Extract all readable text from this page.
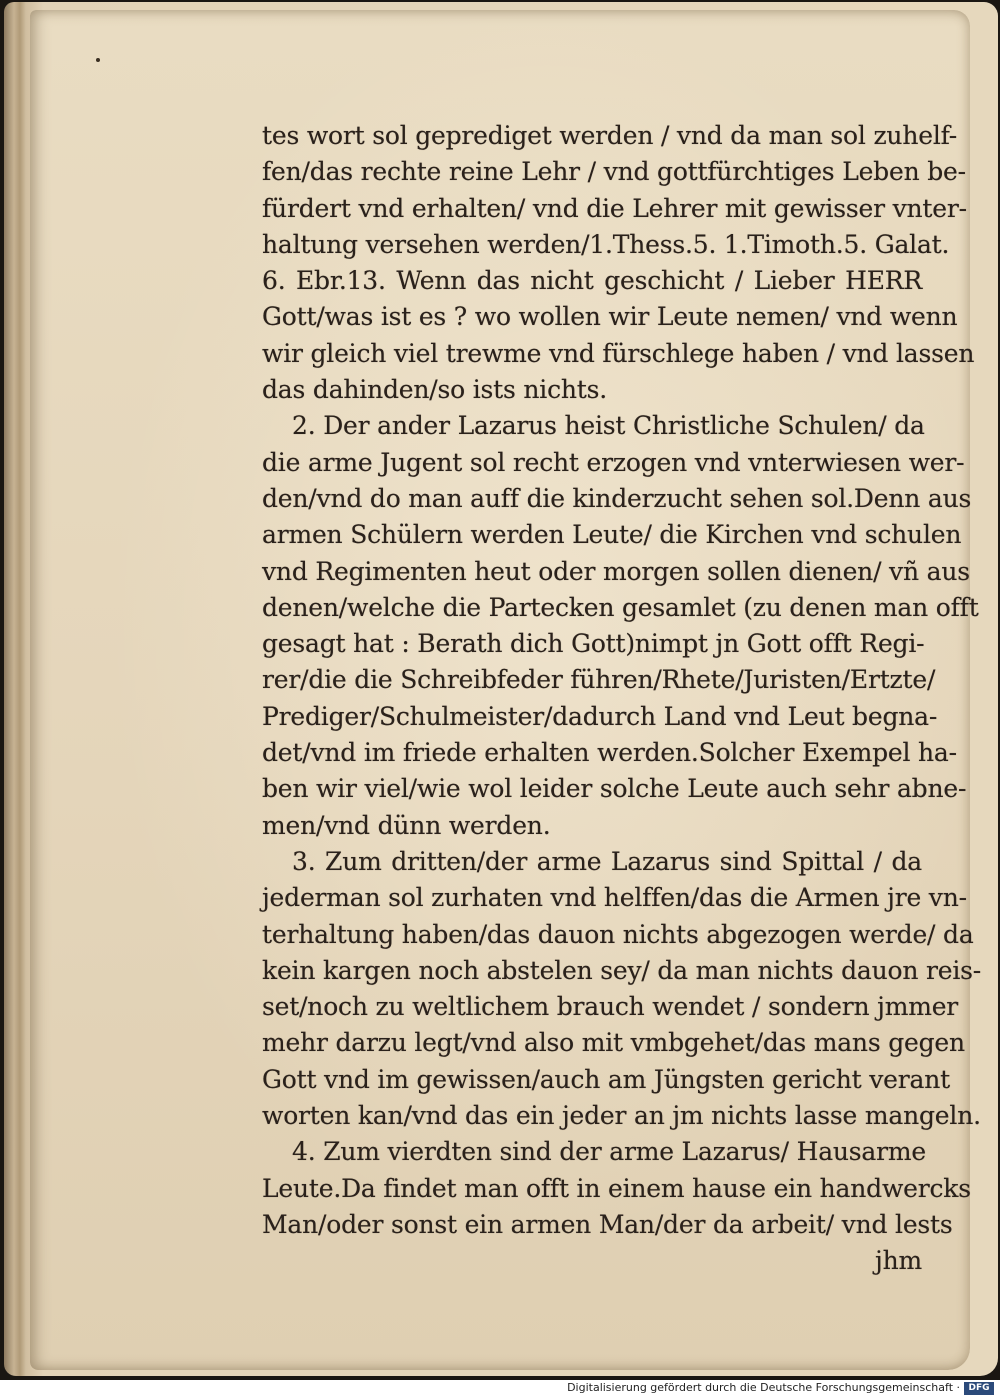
tes wort sol geprediget werden / vnd da man sol zuhelf-
fen/das rechte reine Lehr / vnd gottfürchtiges Leben be-
fürdert vnd erhalten/ vnd die Lehrer mit gewisser vnter-
haltung versehen werden/1.Thess.5. 1.Timoth.5. Galat.
6. Ebr.13. Wenn das nicht geschicht / Lieber HERR
Gott/was ist es ? wo wollen wir Leute nemen/ vnd wenn
wir gleich viel trewme vnd fürschlege haben / vnd lassen
das dahinden/so ists nichts.
2. Der ander Lazarus heist Christliche Schulen/ da
die arme Jugent sol recht erzogen vnd vnterwiesen wer-
den/vnd do man auff die kinderzucht sehen sol.Denn aus
armen Schülern werden Leute/ die Kirchen vnd schulen
vnd Regimenten heut oder morgen sollen dienen/ vñ aus
denen/welche die Partecken gesamlet (zu denen man offt
gesagt hat : Berath dich Gott)nimpt jn Gott offt Regi-
rer/die die Schreibfeder führen/Rhete/Juristen/Ertzte/
Prediger/Schulmeister/dadurch Land vnd Leut begna-
det/vnd im friede erhalten werden.Solcher Exempel ha-
ben wir viel/wie wol leider solche Leute auch sehr abne-
men/vnd dünn werden.
3. Zum dritten/der arme Lazarus sind Spittal / da
jederman sol zurhaten vnd helffen/das die Armen jre vn-
terhaltung haben/das dauon nichts abgezogen werde/ da
kein kargen noch abstelen sey/ da man nichts dauon reis-
set/noch zu weltlichem brauch wendet / sondern jmmer
mehr darzu legt/vnd also mit vmbgehet/das mans gegen
Gott vnd im gewissen/auch am Jüngsten gericht verant
worten kan/vnd das ein jeder an jm nichts lasse mangeln.
4. Zum vierdten sind der arme Lazarus/ Hausarme
Leute.Da findet man offt in einem hause ein handwercks
Man/oder sonst ein armen Man/der da arbeit/ vnd lests
jhm
Digitalisierung gefördert durch die Deutsche Forschungsgemeinschaft · DFG
